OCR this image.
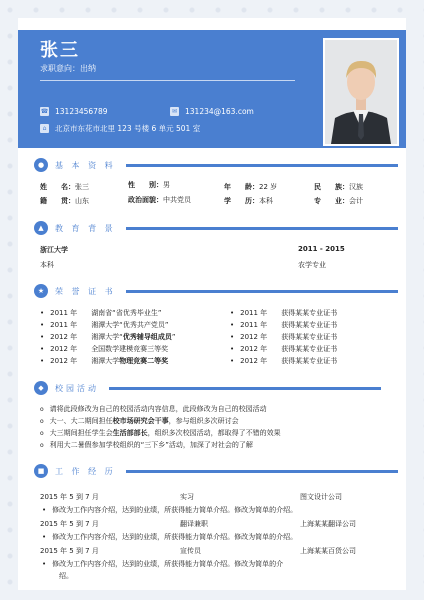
张三
求职意向：出纳
☎ 13123456789	✉ 131234@163.com
⌂	北京市东花市北里 123 号楼 6 单元 501 室
● 基 本 资 料
姓　　名：张三	性　　别：男	年　　龄：22 岁	民　　族：汉族
籍　　贯：山东	政治面貌：中共党员	学　　历：本科	专　　业：会计
▲ 教 育 背 景
浙江大学	2011 - 2015
本科	农学专业
★ 荣 誉 证 书
• 2011 年　　 湖南省“省优秀毕业生”
• 2011 年　　 湘潭大学“优秀共产党员”
• 2012 年　　 湘潭大学“优秀辅导组成员”
• 2012 年　　 全国数学建模竞赛三等奖
• 2012 年　　 湘潭大学物理竞赛二等奖
• 2011 年　　 获得某某专业证书
• 2011 年　　 获得某某专业证书
• 2012 年　　 获得某某专业证书
• 2012 年　　 获得某某专业证书
• 2012 年　　 获得某某专业证书
◆ 校园活动
o 请将此段修改为自己的校园活动内容信息，此段修改为自己的校园活动
o 大一、大二期间担任校市场研究会干事，参与组织多次研讨会
o 大三期间担任学生会生活部部长，组织多次校园活动，都取得了不错的效果
o 利用大二暑假参加学校组织的“三下乡”活动，加深了对社会的了解
■ 工 作 经 历
2015 年 5 到 7 月	实习	图文设计公司
• 修改为工作内容介绍，达到的业绩，所获得能力简单介绍。修改为简单的介绍。
2015 年 5 到 7 月	翻译兼职	上海某某翻译公司
• 修改为工作内容介绍，达到的业绩，所获得能力简单介绍。修改为简单的介绍。
2015 年 5 到 7 月	宣传员	上海某某百货公司
• 修改为工作内容介绍，达到的业绩，所获得能力简单介绍。修改为简单的介
绍。
